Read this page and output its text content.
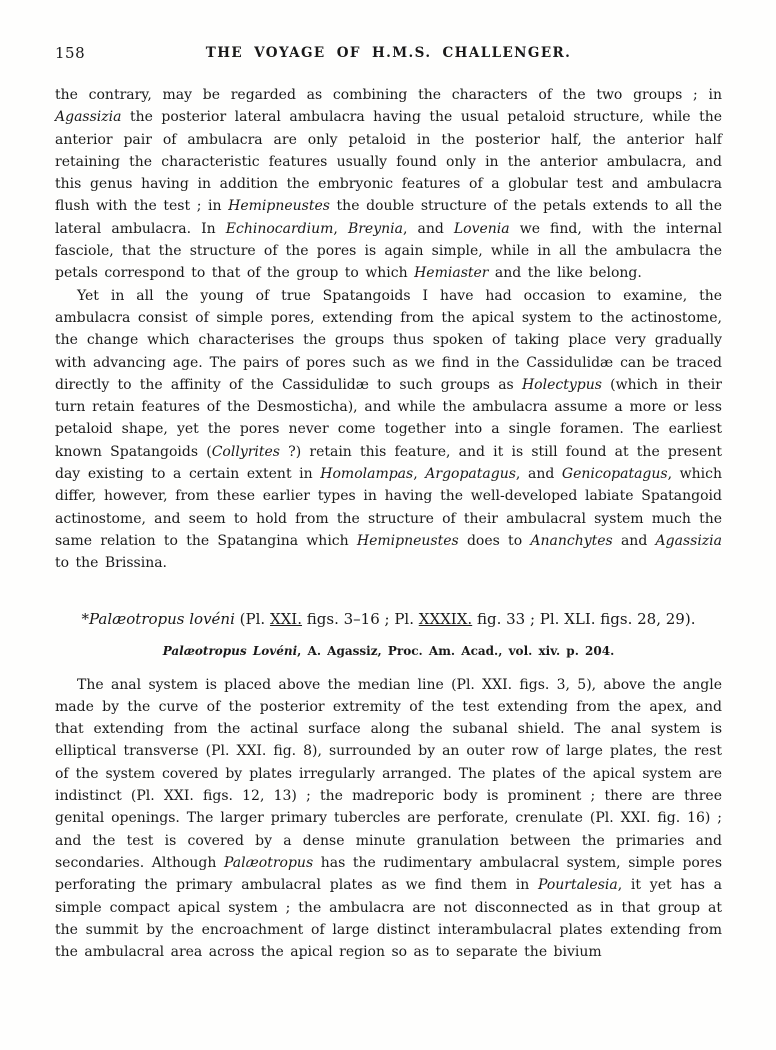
158	THE VOYAGE OF H.M.S. CHALLENGER.

the contrary, may be regarded as combining the characters of the two groups ; in Agassizia the posterior lateral ambulacra having the usual petaloid structure, while the anterior pair of ambulacra are only petaloid in the posterior half, the anterior half retaining the characteristic features usually found only in the anterior ambulacra, and this genus having in addition the embryonic features of a globular test and ambulacra flush with the test ; in Hemipneustes the double structure of the petals extends to all the lateral ambulacra. In Echinocardium, Breynia, and Lovenia we find, with the internal fasciole, that the structure of the pores is again simple, while in all the ambulacra the petals correspond to that of the group to which Hemiaster and the like belong.

Yet in all the young of true Spatangoids I have had occasion to examine, the ambulacra consist of simple pores, extending from the apical system to the actinostome, the change which characterises the groups thus spoken of taking place very gradually with advancing age. The pairs of pores such as we find in the Cassidulidæ can be traced directly to the affinity of the Cassidulidæ to such groups as Holectypus (which in their turn retain features of the Desmosticha), and while the ambulacra assume a more or less petaloid shape, yet the pores never come together into a single foramen. The earliest known Spatangoids (Collyrites ?) retain this feature, and it is still found at the present day existing to a certain extent in Homolampas, Argopatagus, and Genicopatagus, which differ, however, from these earlier types in having the well-developed labiate Spatangoid actinostome, and seem to hold from the structure of their ambulacral system much the same relation to the Spatangina which Hemipneustes does to Ananchytes and Agassizia to the Brissina.

*Palæotropus lovéni (Pl. XXI. figs. 3–16 ; Pl. XXXIX. fig. 33 ; Pl. XLI. figs. 28, 29).
Palæotropus Lovéni, A. Agassiz, Proc. Am. Acad., vol. xiv. p. 204.

The anal system is placed above the median line (Pl. XXI. figs. 3, 5), above the angle made by the curve of the posterior extremity of the test extending from the apex, and that extending from the actinal surface along the subanal shield. The anal system is elliptical transverse (Pl. XXI. fig. 8), surrounded by an outer row of large plates, the rest of the system covered by plates irregularly arranged. The plates of the apical system are indistinct (Pl. XXI. figs. 12, 13) ; the madreporic body is prominent ; there are three genital openings. The larger primary tubercles are perforate, crenulate (Pl. XXI. fig. 16) ; and the test is covered by a dense minute granulation between the primaries and secondaries. Although Palæotropus has the rudimentary ambulacral system, simple pores perforating the primary ambulacral plates as we find them in Pourtalesia, it yet has a simple compact apical system ; the ambulacra are not disconnected as in that group at the summit by the encroachment of large distinct interambulacral plates extending from the ambulacral area across the apical region so as to separate the bivium
